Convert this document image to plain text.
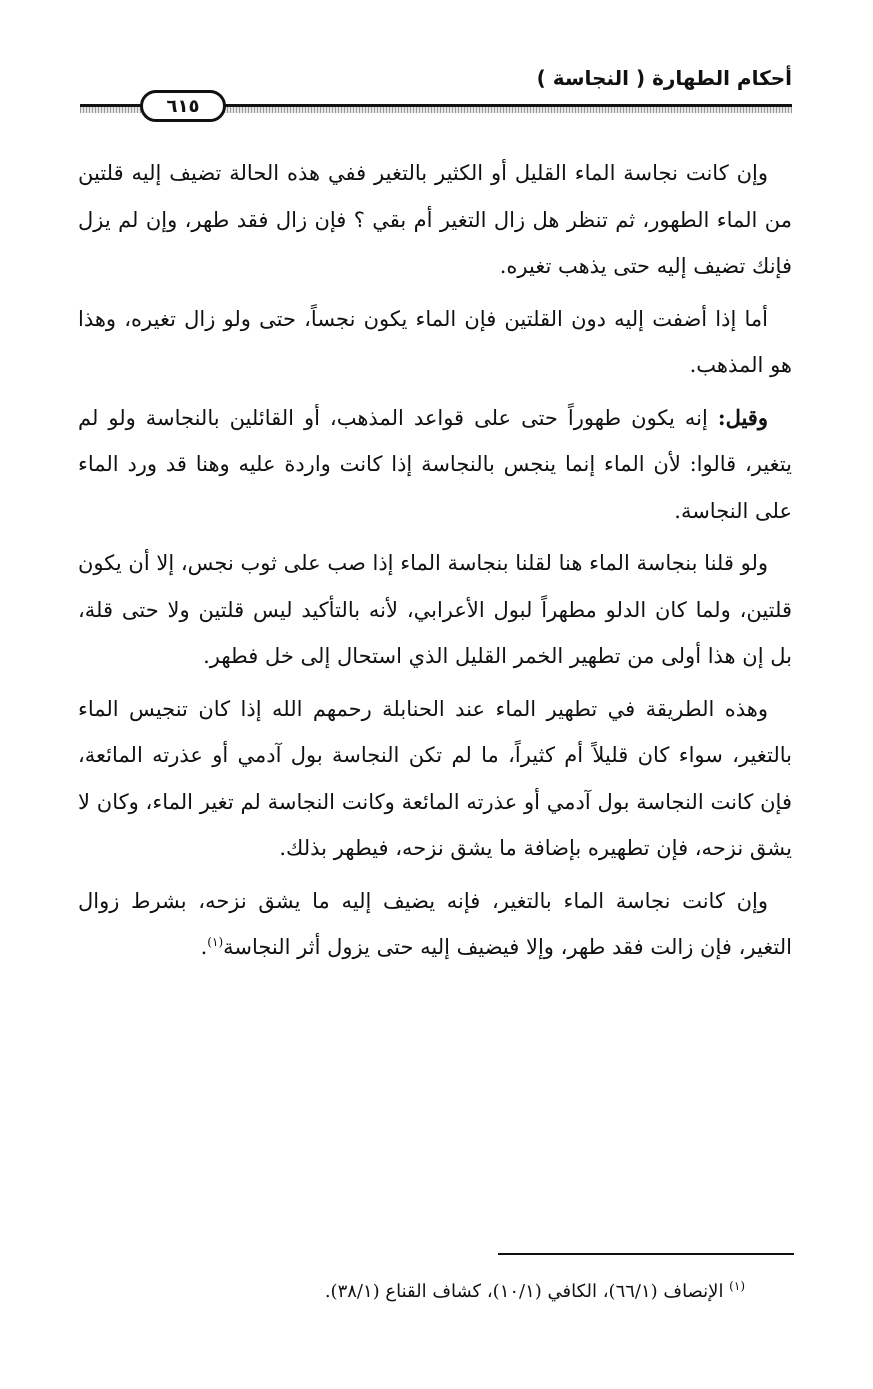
أحكام الطهارة ( النجاسة )
٦١٥

وإن كانت نجاسة الماء القليل أو الكثير بالتغير ففي هذه الحالة تضيف إليه قلتين من الماء الطهور، ثم تنظر هل زال التغير أم بقي ؟ فإن زال فقد طهر، وإن لم يزل فإنك تضيف إليه حتى يذهب تغيره.

أما إذا أضفت إليه دون القلتين فإن الماء يكون نجساً، حتى ولو زال تغيره، وهذا هو المذهب.

وقيل: إنه يكون طهوراً حتى على قواعد المذهب، أو القائلين بالنجاسة ولو لم يتغير، قالوا: لأن الماء إنما ينجس بالنجاسة إذا كانت واردة عليه وهنا قد ورد الماء على النجاسة.

ولو قلنا بنجاسة الماء هنا لقلنا بنجاسة الماء إذا صب على ثوب نجس، إلا أن يكون قلتين، ولما كان الدلو مطهراً لبول الأعرابي، لأنه بالتأكيد ليس قلتين ولا حتى قلة، بل إن هذا أولى من تطهير الخمر القليل الذي استحال إلى خل فطهر.

وهذه الطريقة في تطهير الماء عند الحنابلة رحمهم الله إذا كان تنجيس الماء بالتغير، سواء كان قليلاً أم كثيراً، ما لم تكن النجاسة بول آدمي أو عذرته المائعة، فإن كانت النجاسة بول آدمي أو عذرته المائعة وكانت النجاسة لم تغير الماء، وكان لا يشق نزحه، فإن تطهيره بإضافة ما يشق نزحه، فيطهر بذلك.

وإن كانت نجاسة الماء بالتغير، فإنه يضيف إليه ما يشق نزحه، بشرط زوال التغير، فإن زالت فقد طهر، وإلا فيضيف إليه حتى يزول أثر النجاسة$^{(١)}$.

$^{(١)}$ الإنصاف (٦٦/١)، الكافي (١٠/١)، كشاف القناع (٣٨/١).
